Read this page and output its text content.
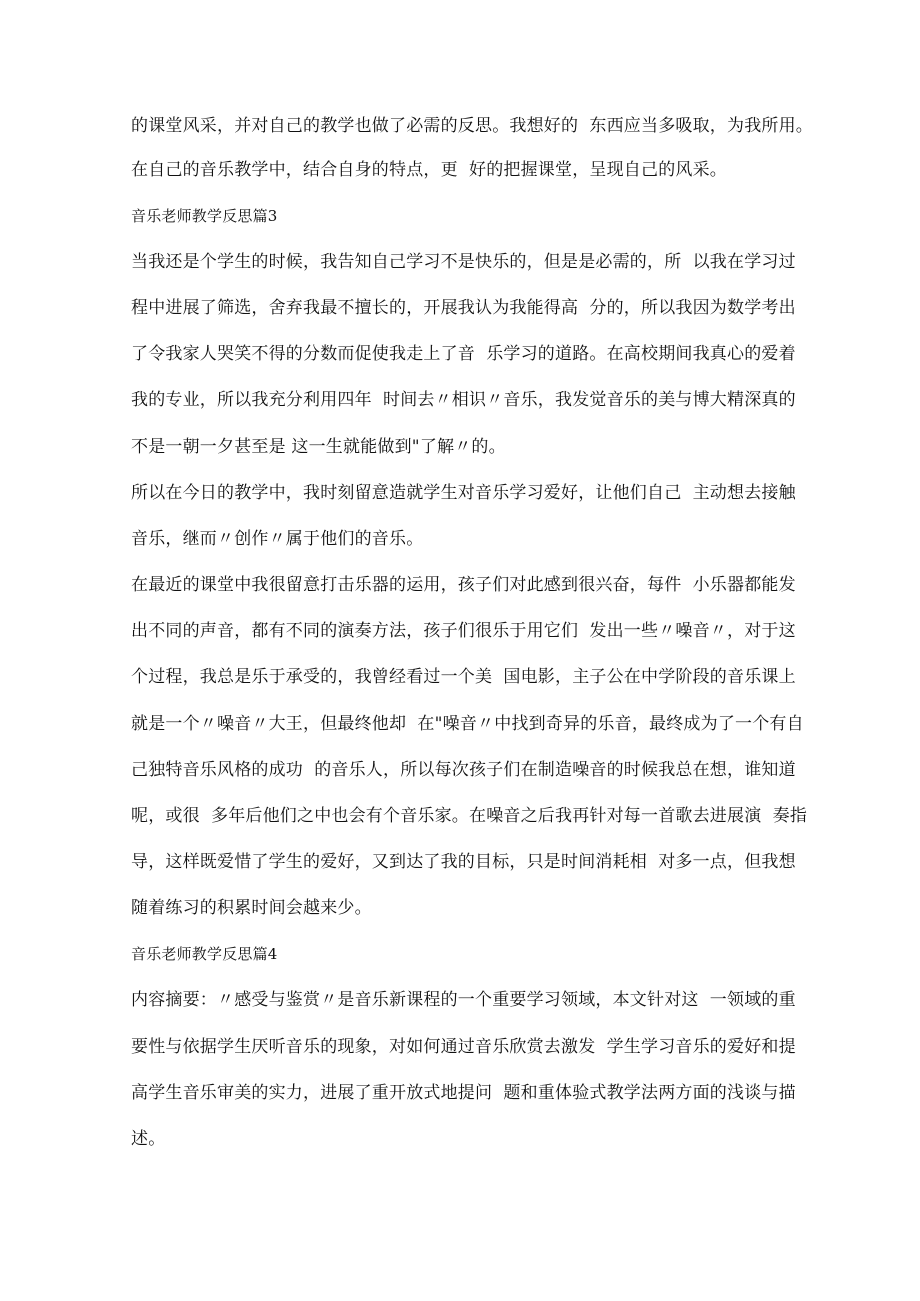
的课堂风采，并对自己的教学也做了必需的反思。我想好的  东西应当多吸取，为我所用。
在自己的音乐教学中，结合自身的特点，更  好的把握课堂，呈现自己的风采。
音乐老师教学反思篇3
当我还是个学生的时候，我告知自己学习不是快乐的，但是是必需的，所  以我在学习过
程中进展了筛选，舍弃我最不擅长的，开展我认为我能得高  分的，所以我因为数学考出
了令我家人哭笑不得的分数而促使我走上了音  乐学习的道路。在高校期间我真心的爱着
我的专业，所以我充分利用四年  时间去〃相识〃音乐，我发觉音乐的美与博大精深真的
不是一朝一夕甚至是 这一生就能做到"了解〃的。
所以在今日的教学中，我时刻留意造就学生对音乐学习爱好，让他们自己  主动想去接触
音乐，继而〃创作〃属于他们的音乐。
在最近的课堂中我很留意打击乐器的运用，孩子们对此感到很兴奋，每件  小乐器都能发
出不同的声音，都有不同的演奏方法，孩子们很乐于用它们  发出一些〃噪音〃，对于这
个过程，我总是乐于承受的，我曾经看过一个美  国电影，主子公在中学阶段的音乐课上
就是一个〃噪音〃大王，但最终他却  在"噪音〃中找到奇异的乐音，最终成为了一个有自
己独特音乐风格的成功  的音乐人，所以每次孩子们在制造噪音的时候我总在想，谁知道
呢，或很  多年后他们之中也会有个音乐家。在噪音之后我再针对每一首歌去进展演  奏指
导，这样既爱惜了学生的爱好，又到达了我的目标，只是时间消耗相  对多一点，但我想
随着练习的积累时间会越来少。
音乐老师教学反思篇4
内容摘要：〃感受与鉴赏〃是音乐新课程的一个重要学习领域，本文针对这  一领域的重
要性与依据学生厌听音乐的现象，对如何通过音乐欣赏去激发  学生学习音乐的爱好和提
高学生音乐审美的实力，进展了重开放式地提问  题和重体验式教学法两方面的浅谈与描
述。
